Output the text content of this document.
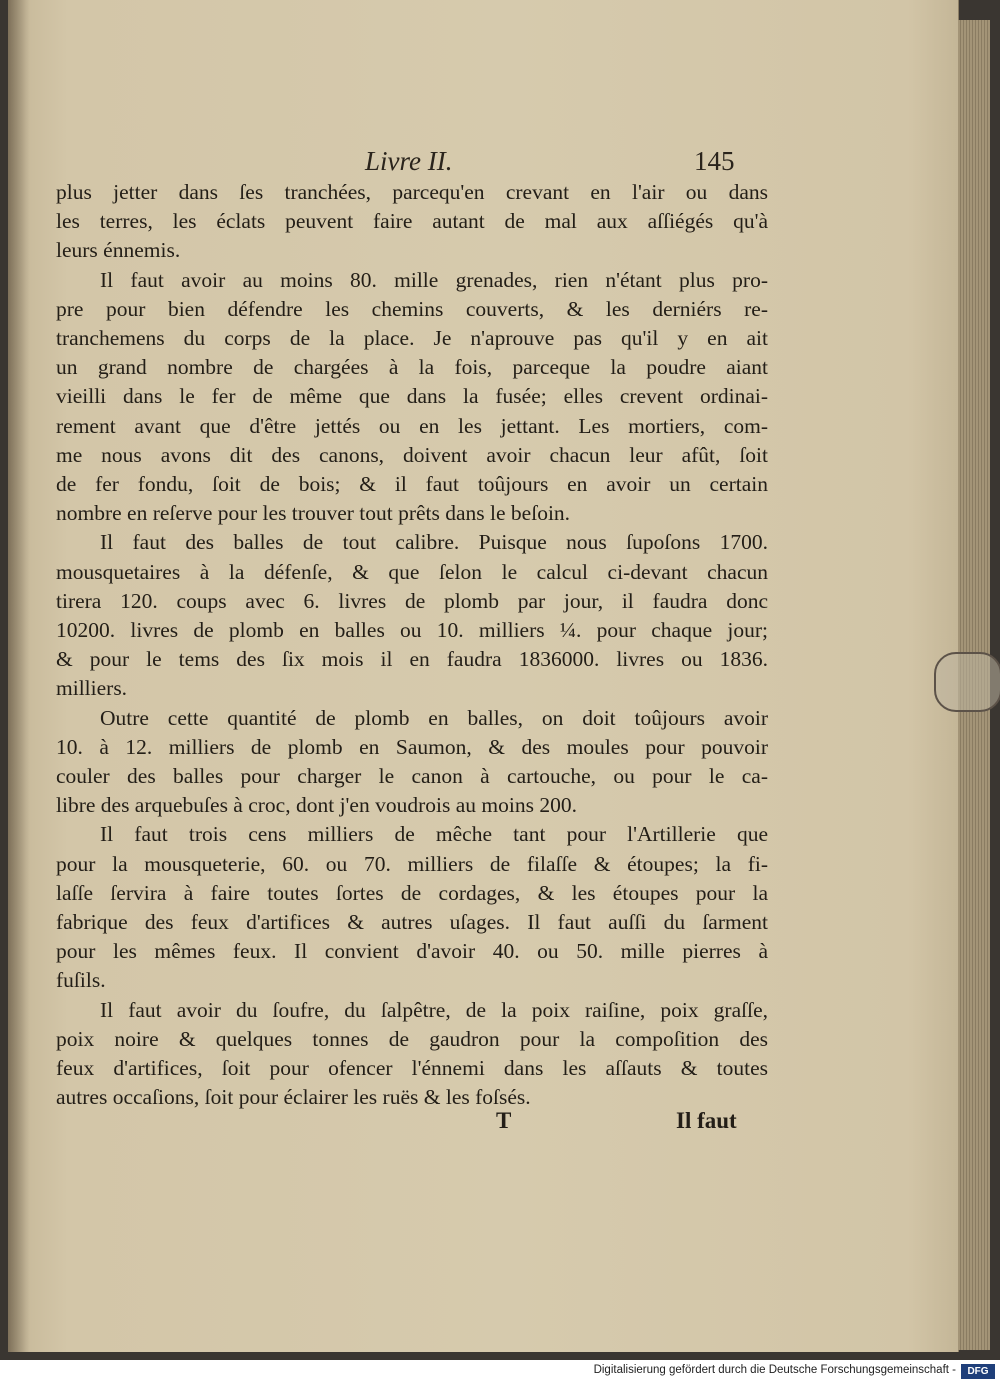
Livre II.	145

plus jetter dans ſes tranchées, parcequ'en crevant en l'air ou dans
les terres, les éclats peuvent faire autant de mal aux aſſiégés qu'à
leurs énnemis.

Il faut avoir au moins 80. mille grenades, rien n'étant plus pro-
pre pour bien défendre les chemins couverts, & les derniérs re-
tranchemens du corps de la place. Je n'aprouve pas qu'il y en ait
un grand nombre de chargées à la fois, parceque la poudre aiant
vieilli dans le fer de même que dans la fusée; elles crevent ordinai-
rement avant que d'être jettés ou en les jettant. Les mortiers, com-
me nous avons dit des canons, doivent avoir chacun leur afût, ſoit
de fer fondu, ſoit de bois; & il faut toûjours en avoir un certain
nombre en reſerve pour les trouver tout prêts dans le beſoin.

Il faut des balles de tout calibre. Puisque nous ſupoſons 1700.
mousquetaires à la défenſe, & que ſelon le calcul ci-devant chacun
tirera 120. coups avec 6. livres de plomb par jour, il faudra donc
10200. livres de plomb en balles ou 10. milliers ¼. pour chaque jour;
& pour le tems des ſix mois il en faudra 1836000. livres ou 1836.
milliers.

Outre cette quantité de plomb en balles, on doit toûjours avoir
10. à 12. milliers de plomb en Saumon, & des moules pour pouvoir
couler des balles pour charger le canon à cartouche, ou pour le ca-
libre des arquebuſes à croc, dont j'en voudrois au moins 200.

Il faut trois cens milliers de mêche tant pour l'Artillerie que
pour la mousqueterie, 60. ou 70. milliers de filaſſe & étoupes; la fi-
laſſe ſervira à faire toutes ſortes de cordages, & les étoupes pour la
fabrique des feux d'artifices & autres uſages. Il faut auſſi du ſarment
pour les mêmes feux. Il convient d'avoir 40. ou 50. mille pierres à
fuſils.

Il faut avoir du ſoufre, du ſalpêtre, de la poix raiſine, poix graſſe,
poix noire & quelques tonnes de gaudron pour la compoſition des
feux d'artifices, ſoit pour ofencer l'énnemi dans les aſſauts & toutes
autres occaſions, ſoit pour éclairer les ruës & les foſsés.

T	Il faut
Digitalisierung gefördert durch die Deutsche Forschungsgemeinschaft -	DFG
